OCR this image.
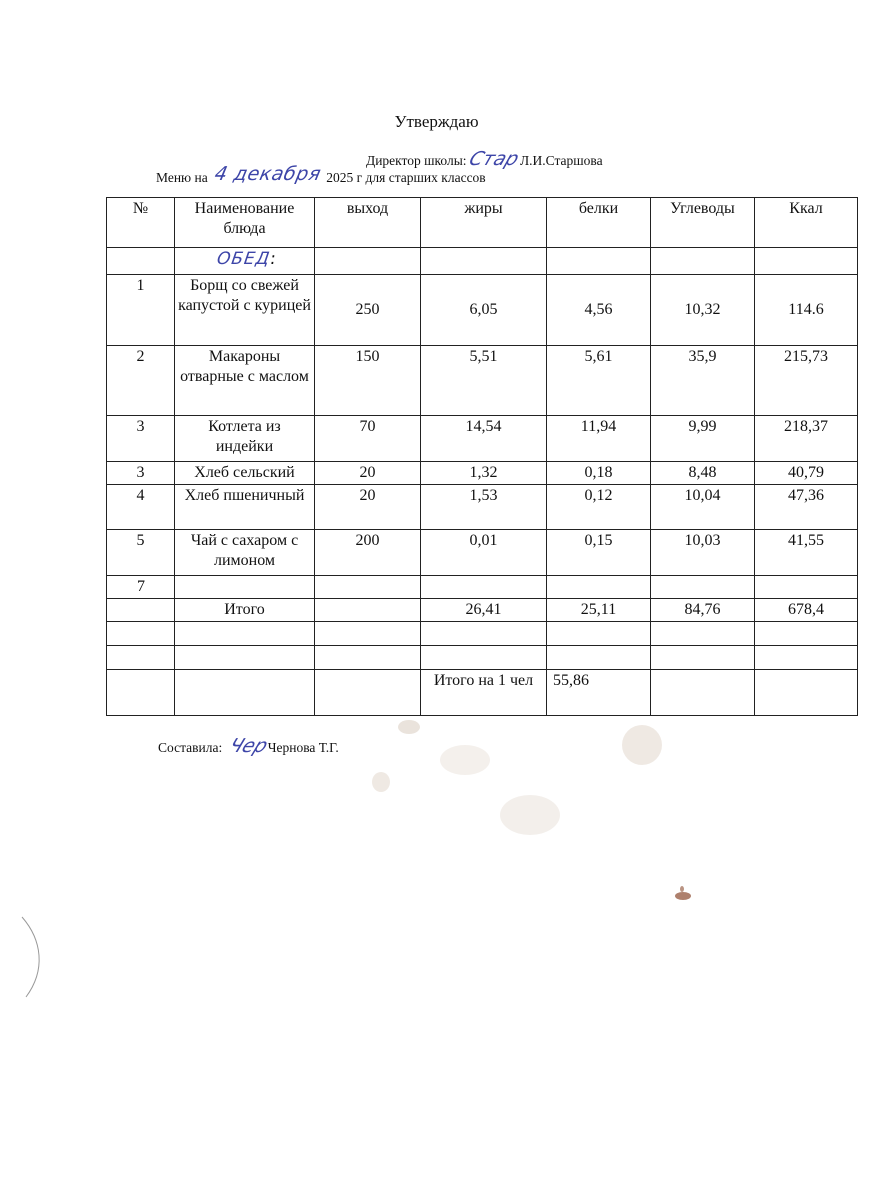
Утверждаю
Директор школы: СтарЛ.И.Старшова
Меню на 4 декабря 2025 г для старших классов
№	Наименование блюда	выход	жиры	белки	Углеводы	Ккал

	ОБЕД:					

1	Борщ со свежей капустой с курицей	250	6,05	4,56	10,32	114.6
2	Макароны отварные с маслом	150	5,51	5,61	35,9	215,73
3	Котлета из индейки	70	14,54	11,94	9,99	218,37
3	Хлеб сельский	20	1,32	0,18	8,48	40,79
4	Хлеб пшеничный	20	1,53	0,12	10,04	47,36
5	Чай с сахаром с лимоном	200	0,01	0,15	10,03	41,55
7						
	Итого		26,41	25,11	84,76	678,4

			Итого на 1 чел	55,86		
Составила: Чер Чернова Т.Г.
